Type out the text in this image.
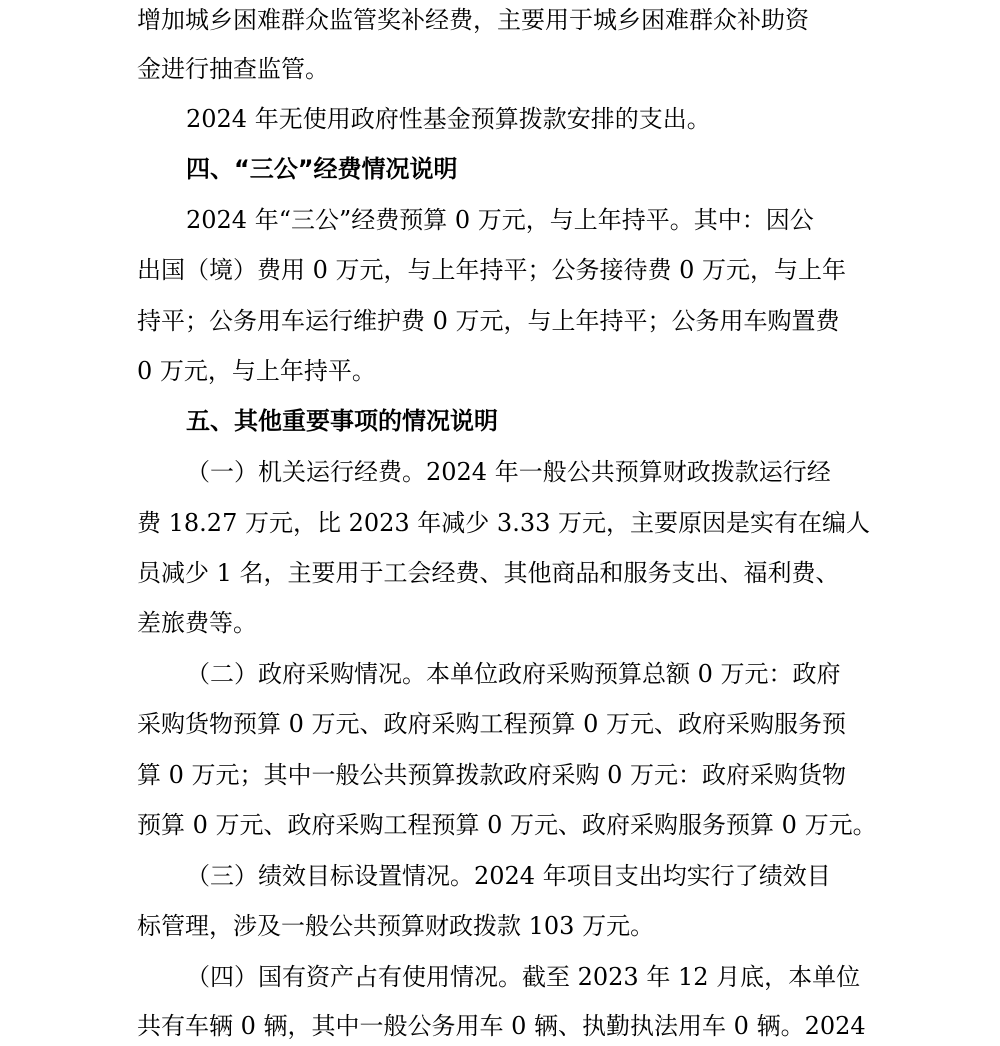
增加城乡困难群众监管奖补经费，主要用于城乡困难群众补助资
金进行抽查监管。
2024 年无使用政府性基金预算拨款安排的支出。
四、“三公”经费情况说明
2024 年“三公”经费预算 0 万元，与上年持平。其中：因公
出国（境）费用 0 万元，与上年持平；公务接待费 0 万元，与上年
持平；公务用车运行维护费 0 万元，与上年持平；公务用车购置费
0 万元，与上年持平。
五、其他重要事项的情况说明
（一）机关运行经费。2024 年一般公共预算财政拨款运行经
费 18.27 万元，比 2023 年减少 3.33 万元，主要原因是实有在编人
员减少 1 名，主要用于工会经费、其他商品和服务支出、福利费、
差旅费等。
（二）政府采购情况。本单位政府采购预算总额 0 万元：政府
采购货物预算 0 万元、政府采购工程预算 0 万元、政府采购服务预
算 0 万元；其中一般公共预算拨款政府采购 0 万元：政府采购货物
预算 0 万元、政府采购工程预算 0 万元、政府采购服务预算 0 万元。
（三）绩效目标设置情况。2024 年项目支出均实行了绩效目
标管理，涉及一般公共预算财政拨款 103 万元。
（四）国有资产占有使用情况。截至 2023 年 12 月底，本单位
共有车辆 0 辆，其中一般公务用车 0 辆、执勤执法用车 0 辆。2024
